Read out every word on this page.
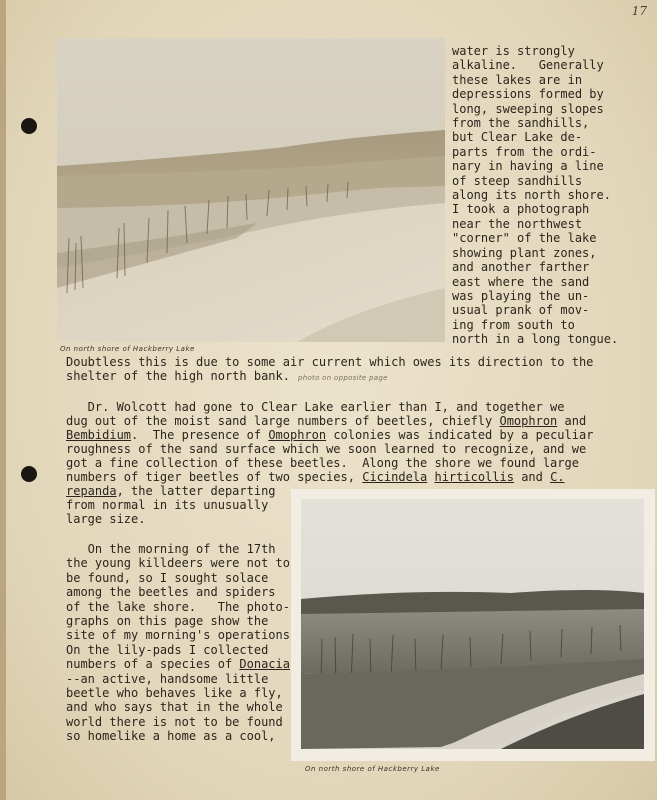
17
On north shore of Hackberry Lake
water is strongly
alkaline.   Generally
these lakes are in
depressions formed by
long, sweeping slopes
from the sandhills,
but Clear Lake de-
parts from the ordi-
nary in having a line
of steep sandhills
along its north shore.
I took a photograph
near the northwest
"corner" of the lake
showing plant zones,
and another farther
east where the sand
was playing the un-
usual prank of mov-
ing from south to
north in a long tongue.
Doubtless this is due to some air current which owes its direction to the
shelter of the high north bank. photo on opposite page
Dr. Wolcott had gone to Clear Lake earlier than I, and together we
dug out of the moist sand large numbers of beetles, chiefly Omophron and
Bembidium.  The presence of Omophron colonies was indicated by a peculiar
roughness of the sand surface which we soon learned to recognize, and we
got a fine collection of these beetles.  Along the shore we found large
numbers of tiger beetles of two species, Cicindela hirticollis and C.
repanda, the latter departing
from normal in its unusually
large size.
On the morning of the 17th
the young killdeers were not to
be found, so I sought solace
among the beetles and spiders
of the lake shore.   The photo-
graphs on this page show the
site of my morning's operations
On the lily-pads I collected
numbers of a species of Donacia
--an active, handsome little
beetle who behaves like a fly,
and who says that in the whole
world there is not to be found
so homelike a home as a cool,
On north shore of Hackberry Lake
